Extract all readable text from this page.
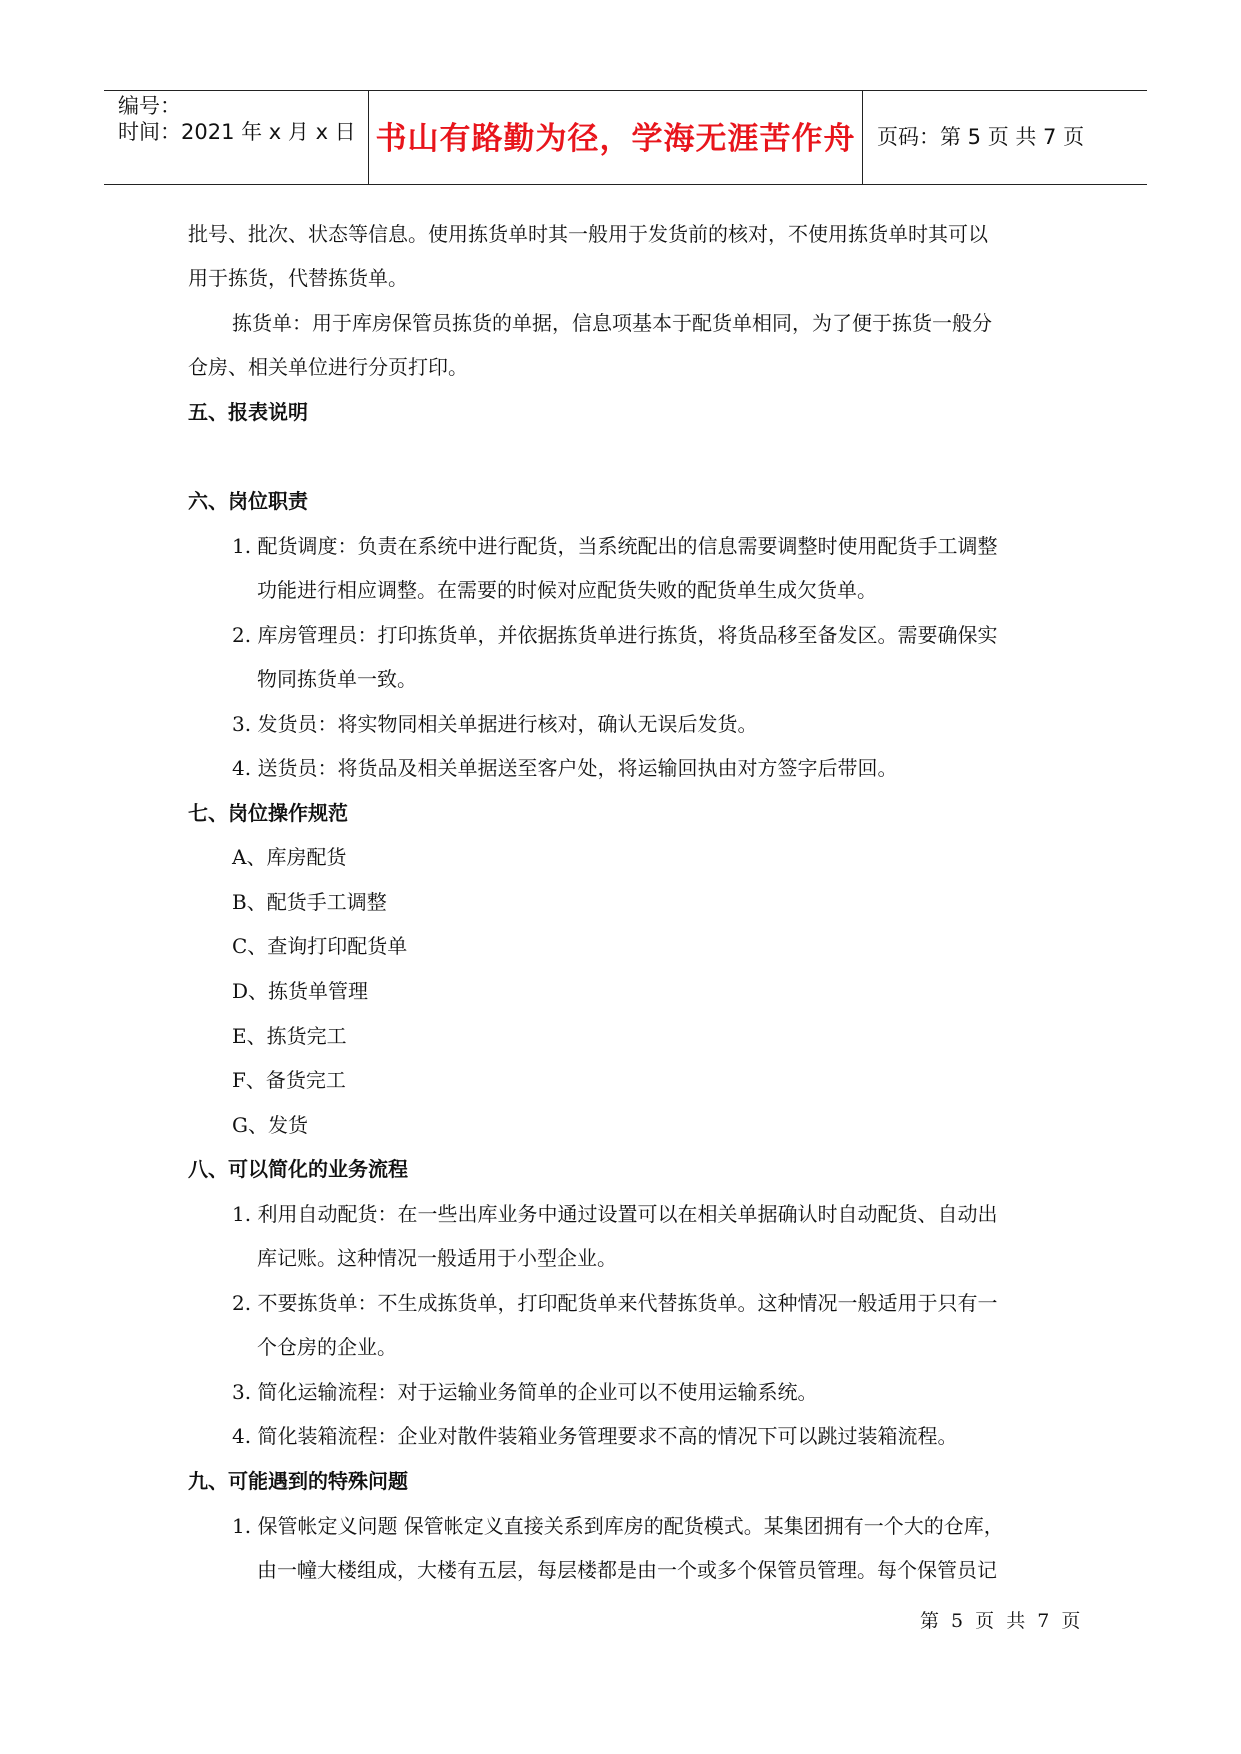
编号：
时间：2021 年 x 月 x 日 书山有路勤为径，学海无涯苦作舟	页码：第 5 页 共 7 页
批号、批次、状态等信息。使用拣货单时其一般用于发货前的核对，不使用拣货单时其可以
用于拣货，代替拣货单。
拣货单：用于库房保管员拣货的单据，信息项基本于配货单相同，为了便于拣货一般分
仓房、相关单位进行分页打印。
五、报表说明
六、岗位职责
1. 配货调度：负责在系统中进行配货，当系统配出的信息需要调整时使用配货手工调整
功能进行相应调整。在需要的时候对应配货失败的配货单生成欠货单。
2. 库房管理员：打印拣货单，并依据拣货单进行拣货，将货品移至备发区。需要确保实
物同拣货单一致。
3. 发货员：将实物同相关单据进行核对，确认无误后发货。
4. 送货员：将货品及相关单据送至客户处，将运输回执由对方签字后带回。
七、岗位操作规范
A、库房配货
B、配货手工调整
C、查询打印配货单
D、拣货单管理
E、拣货完工
F、备货完工
G、发货
八、可以简化的业务流程
1. 利用自动配货：在一些出库业务中通过设置可以在相关单据确认时自动配货、自动出
库记账。这种情况一般适用于小型企业。
2. 不要拣货单：不生成拣货单，打印配货单来代替拣货单。这种情况一般适用于只有一
个仓房的企业。
3. 简化运输流程：对于运输业务简单的企业可以不使用运输系统。
4. 简化装箱流程：企业对散件装箱业务管理要求不高的情况下可以跳过装箱流程。
九、可能遇到的特殊问题
1. 保管帐定义问题 保管帐定义直接关系到库房的配货模式。某集团拥有一个大的仓库，
由一幢大楼组成，大楼有五层，每层楼都是由一个或多个保管员管理。每个保管员记
第 5 页 共 7 页
